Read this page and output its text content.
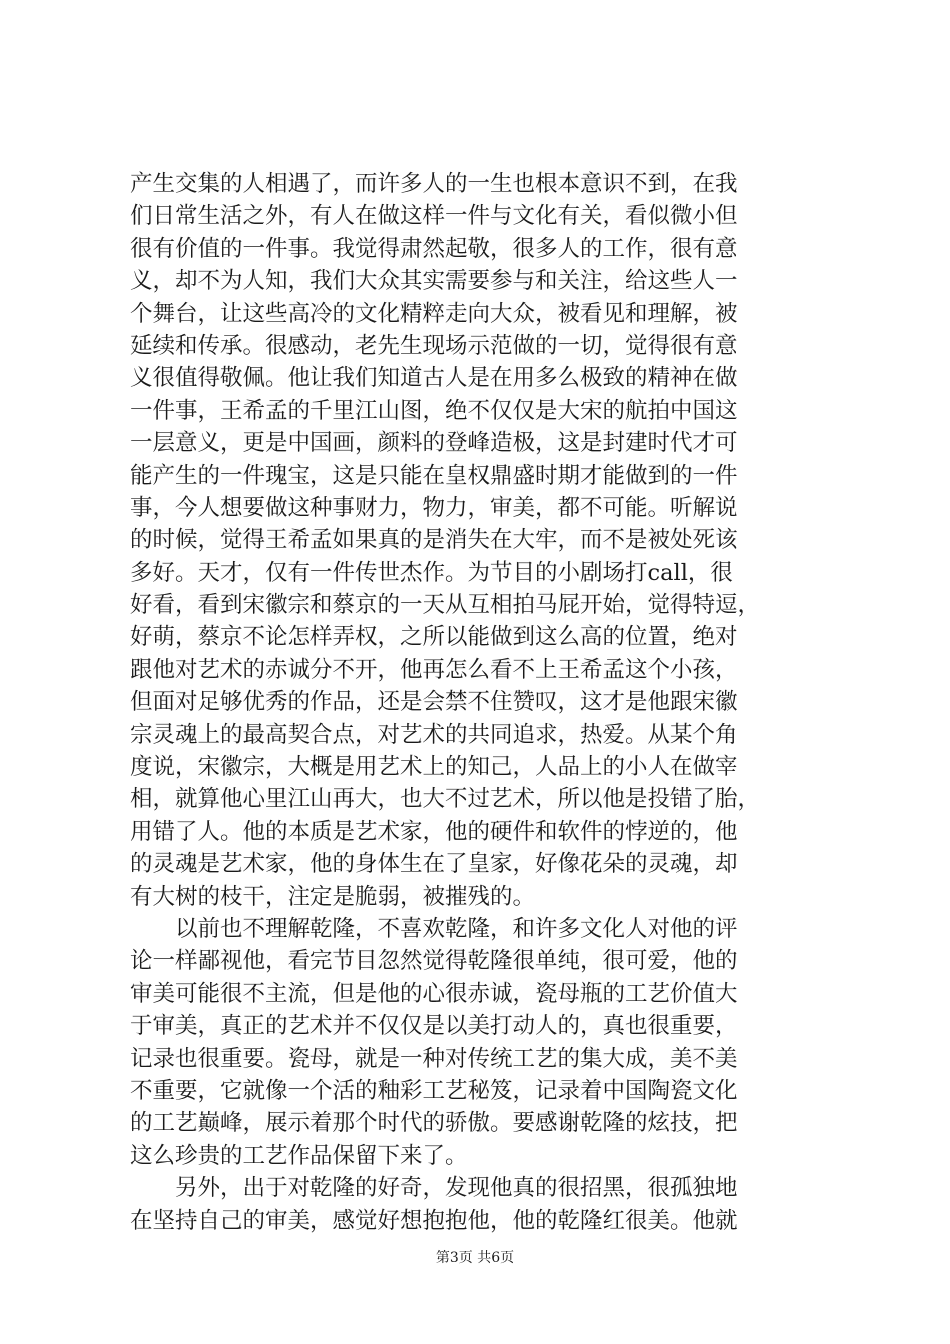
产生交集的人相遇了，而许多人的一生也根本意识不到，在我
们日常生活之外，有人在做这样一件与文化有关，看似微小但
很有价值的一件事。我觉得肃然起敬，很多人的工作，很有意
义，却不为人知，我们大众其实需要参与和关注，给这些人一
个舞台，让这些高冷的文化精粹走向大众，被看见和理解，被
延续和传承。很感动，老先生现场示范做的一切，觉得很有意
义很值得敬佩。他让我们知道古人是在用多么极致的精神在做
一件事，王希孟的千里江山图，绝不仅仅是大宋的航拍中国这
一层意义，更是中国画，颜料的登峰造极，这是封建时代才可
能产生的一件瑰宝，这是只能在皇权鼎盛时期才能做到的一件
事，今人想要做这种事财力，物力，审美，都不可能。听解说
的时候，觉得王希孟如果真的是消失在大牢，而不是被处死该
多好。天才，仅有一件传世杰作。为节目的小剧场打call，很
好看，看到宋徽宗和蔡京的一天从互相拍马屁开始，觉得特逗，
好萌，蔡京不论怎样弄权，之所以能做到这么高的位置，绝对
跟他对艺术的赤诚分不开，他再怎么看不上王希孟这个小孩，
但面对足够优秀的作品，还是会禁不住赞叹，这才是他跟宋徽
宗灵魂上的最高契合点，对艺术的共同追求，热爱。从某个角
度说，宋徽宗，大概是用艺术上的知己，人品上的小人在做宰
相，就算他心里江山再大，也大不过艺术，所以他是投错了胎，
用错了人。他的本质是艺术家，他的硬件和软件的悖逆的，他
的灵魂是艺术家，他的身体生在了皇家，好像花朵的灵魂，却
有大树的枝干，注定是脆弱，被摧残的。
　　以前也不理解乾隆，不喜欢乾隆，和许多文化人对他的评
论一样鄙视他，看完节目忽然觉得乾隆很单纯，很可爱，他的
审美可能很不主流，但是他的心很赤诚，瓷母瓶的工艺价值大
于审美，真正的艺术并不仅仅是以美打动人的，真也很重要，
记录也很重要。瓷母，就是一种对传统工艺的集大成，美不美
不重要，它就像一个活的釉彩工艺秘笈，记录着中国陶瓷文化
的工艺巅峰，展示着那个时代的骄傲。要感谢乾隆的炫技，把
这么珍贵的工艺作品保留下来了。
　　另外，出于对乾隆的好奇，发现他真的很招黑，很孤独地
在坚持自己的审美，感觉好想抱抱他，他的乾隆红很美。他就
第3页 共6页
